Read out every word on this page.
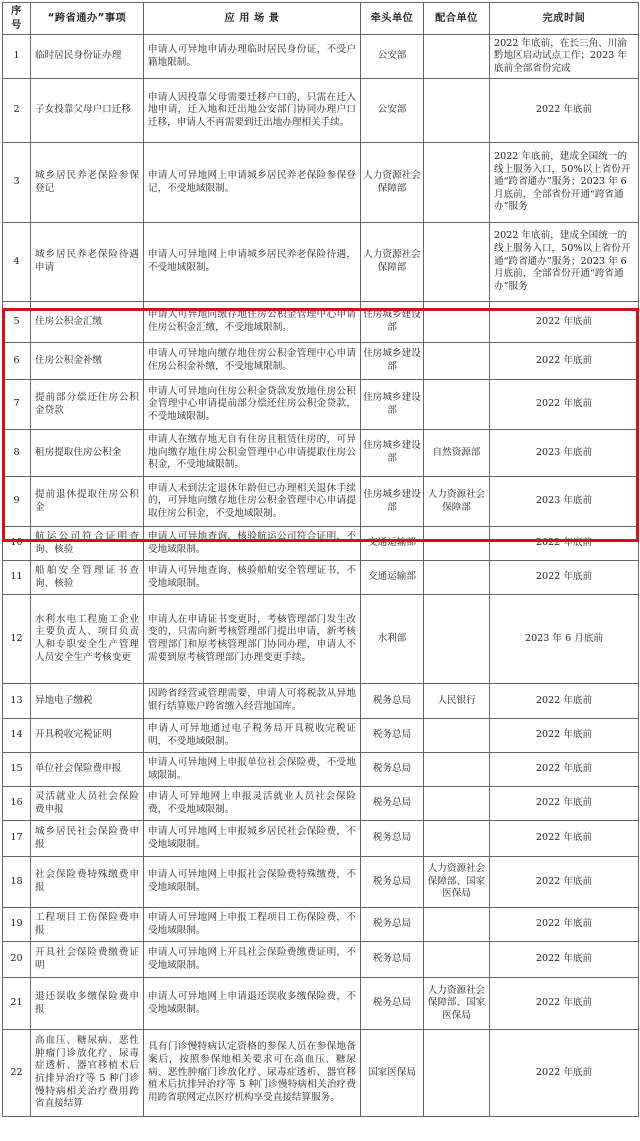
序号	“跨省通办”事项	应 用 场 景	牵头单位	配合单位	完成时间
1	临时居民身份证办理	申请人可异地申请办理临时居民身份证，不受户籍地限制。	公安部		2022 年底前，在长三角、川渝黔地区启动试点工作；2023 年底前全部省份完成
2	子女投靠父母户口迁移	申请人因投靠父母需要迁移户口的，只需在迁入地申请，迁入地和迁出地公安部门协同办理户口迁移，申请人不再需要到迁出地办理相关手续。	公安部		2022 年底前
3	城乡居民养老保险参保登记	申请人可异地网上申请城乡居民养老保险参保登记，不受地域限制。	人力资源社会保障部		2022 年底前，建成全国统一的线上服务入口，50%以上省份开通“跨省通办”服务；2023 年 6 月底前，全部省份开通“跨省通办”服务
4	城乡居民养老保险待遇申请	申请人可异地网上申请城乡居民养老保险待遇，不受地域限制。	人力资源社会保障部		2022 年底前，建成全国统一的线上服务入口，50%以上省份开通“跨省通办”服务；2023 年 6 月底前，全部省份开通“跨省通办”服务
5	住房公积金汇缴	申请人可异地向缴存地住房公积金管理中心申请住房公积金汇缴，不受地域限制。	住房城乡建设部		2022 年底前
6	住房公积金补缴	申请人可异地向缴存地住房公积金管理中心申请住房公积金补缴，不受地域限制。	住房城乡建设部		2022 年底前
7	提前部分偿还住房公积金贷款	申请人可异地向住房公积金贷款发放地住房公积金管理中心申请提前部分偿还住房公积金贷款，不受地域限制。	住房城乡建设部		2022 年底前
8	租房提取住房公积金	申请人在缴存地无自有住房且租赁住房的，可异地向缴存地住房公积金管理中心申请提取住房公积金，不受地域限制。	住房城乡建设部	自然资源部	2023 年底前
9	提前退休提取住房公积金	申请人未到法定退休年龄但已办理相关退休手续的，可异地向缴存地住房公积金管理中心申请提取住房公积金，不受地域限制。	住房城乡建设部	人力资源社会保障部	2023 年底前
10	航运公司符合证明查询、核验	申请人可异地查询、核验航运公司符合证明，不受地域限制。	交通运输部		2022 年底前
11	船舶安全管理证书查询、核验	申请人可异地查询、核验船舶安全管理证书，不受地域限制。	交通运输部		2022 年底前
12	水利水电工程施工企业主要负责人、项目负责人和专职安全生产管理人员安全生产考核变更	申请人在申请证书变更时，考核管理部门发生改变的，只需向新考核管理部门提出申请，新考核管理部门和原考核管理部门协同办理，申请人不需要到原考核管理部门办理变更手续。	水利部		2023 年 6 月底前
13	异地电子缴税	因跨省经营或管理需要，申请人可将税款从异地银行结算账户跨省缴入经营地国库。	税务总局	人民银行	2022 年底前
14	开具税收完税证明	申请人可异地通过电子税务局开具税收完税证明，不受地域限制。	税务总局		2022 年底前
15	单位社会保险费申报	申请人可异地网上申报单位社会保险费，不受地域限制。	税务总局		2022 年底前
16	灵活就业人员社会保险费申报	申请人可异地网上申报灵活就业人员社会保险费，不受地域限制。	税务总局		2022 年底前
17	城乡居民社会保险费申报	申请人可异地网上申报城乡居民社会保险费，不受地域限制。	税务总局		2022 年底前
18	社会保险费特殊缴费申报	申请人可异地网上申报社会保险费特殊缴费，不受地域限制。	税务总局	人力资源社会保障部、国家医保局	2022 年底前
19	工程项目工伤保险费申报	申请人可异地网上申报工程项目工伤保险费，不受地域限制。	税务总局		2022 年底前
20	开具社会保险费缴费证明	申请人可异地网上开具社会保险费缴费证明，不受地域限制。	税务总局		2022 年底前
21	退还误收多缴保险费申报	申请人可异地网上申请退还误收多缴保险费，不受地域限制。	税务总局	人力资源社会保障部、国家医保局	2022 年底前
22	高血压、糖尿病、恶性肿瘤门诊放化疗、尿毒症透析、器官移植术后抗排异治疗等 5 种门诊慢特病相关治疗费用跨省直接结算	具有门诊慢特病认定资格的参保人员在参保地备案后，按照参保地相关要求可在高血压、糖尿病、恶性肿瘤门诊放化疗、尿毒症透析、器官移植术后抗排异治疗等 5 种门诊慢特病相关治疗费用跨省联网定点医疗机构享受直接结算服务。	国家医保局		2022 年底前
